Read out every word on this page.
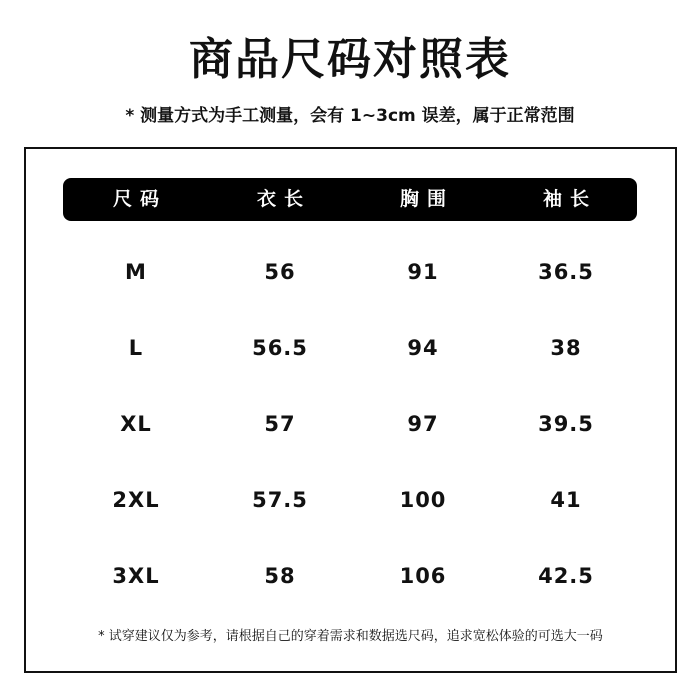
商品尺码对照表
* 测量方式为手工测量，会有 1~3cm 误差，属于正常范围
尺码	衣长	胸围	袖长
M	56	91	36.5
L	56.5	94	38
XL	57	97	39.5
2XL	57.5	100	41
3XL	58	106	42.5
* 试穿建议仅为参考，请根据自己的穿着需求和数据选尺码，追求宽松体验的可选大一码
